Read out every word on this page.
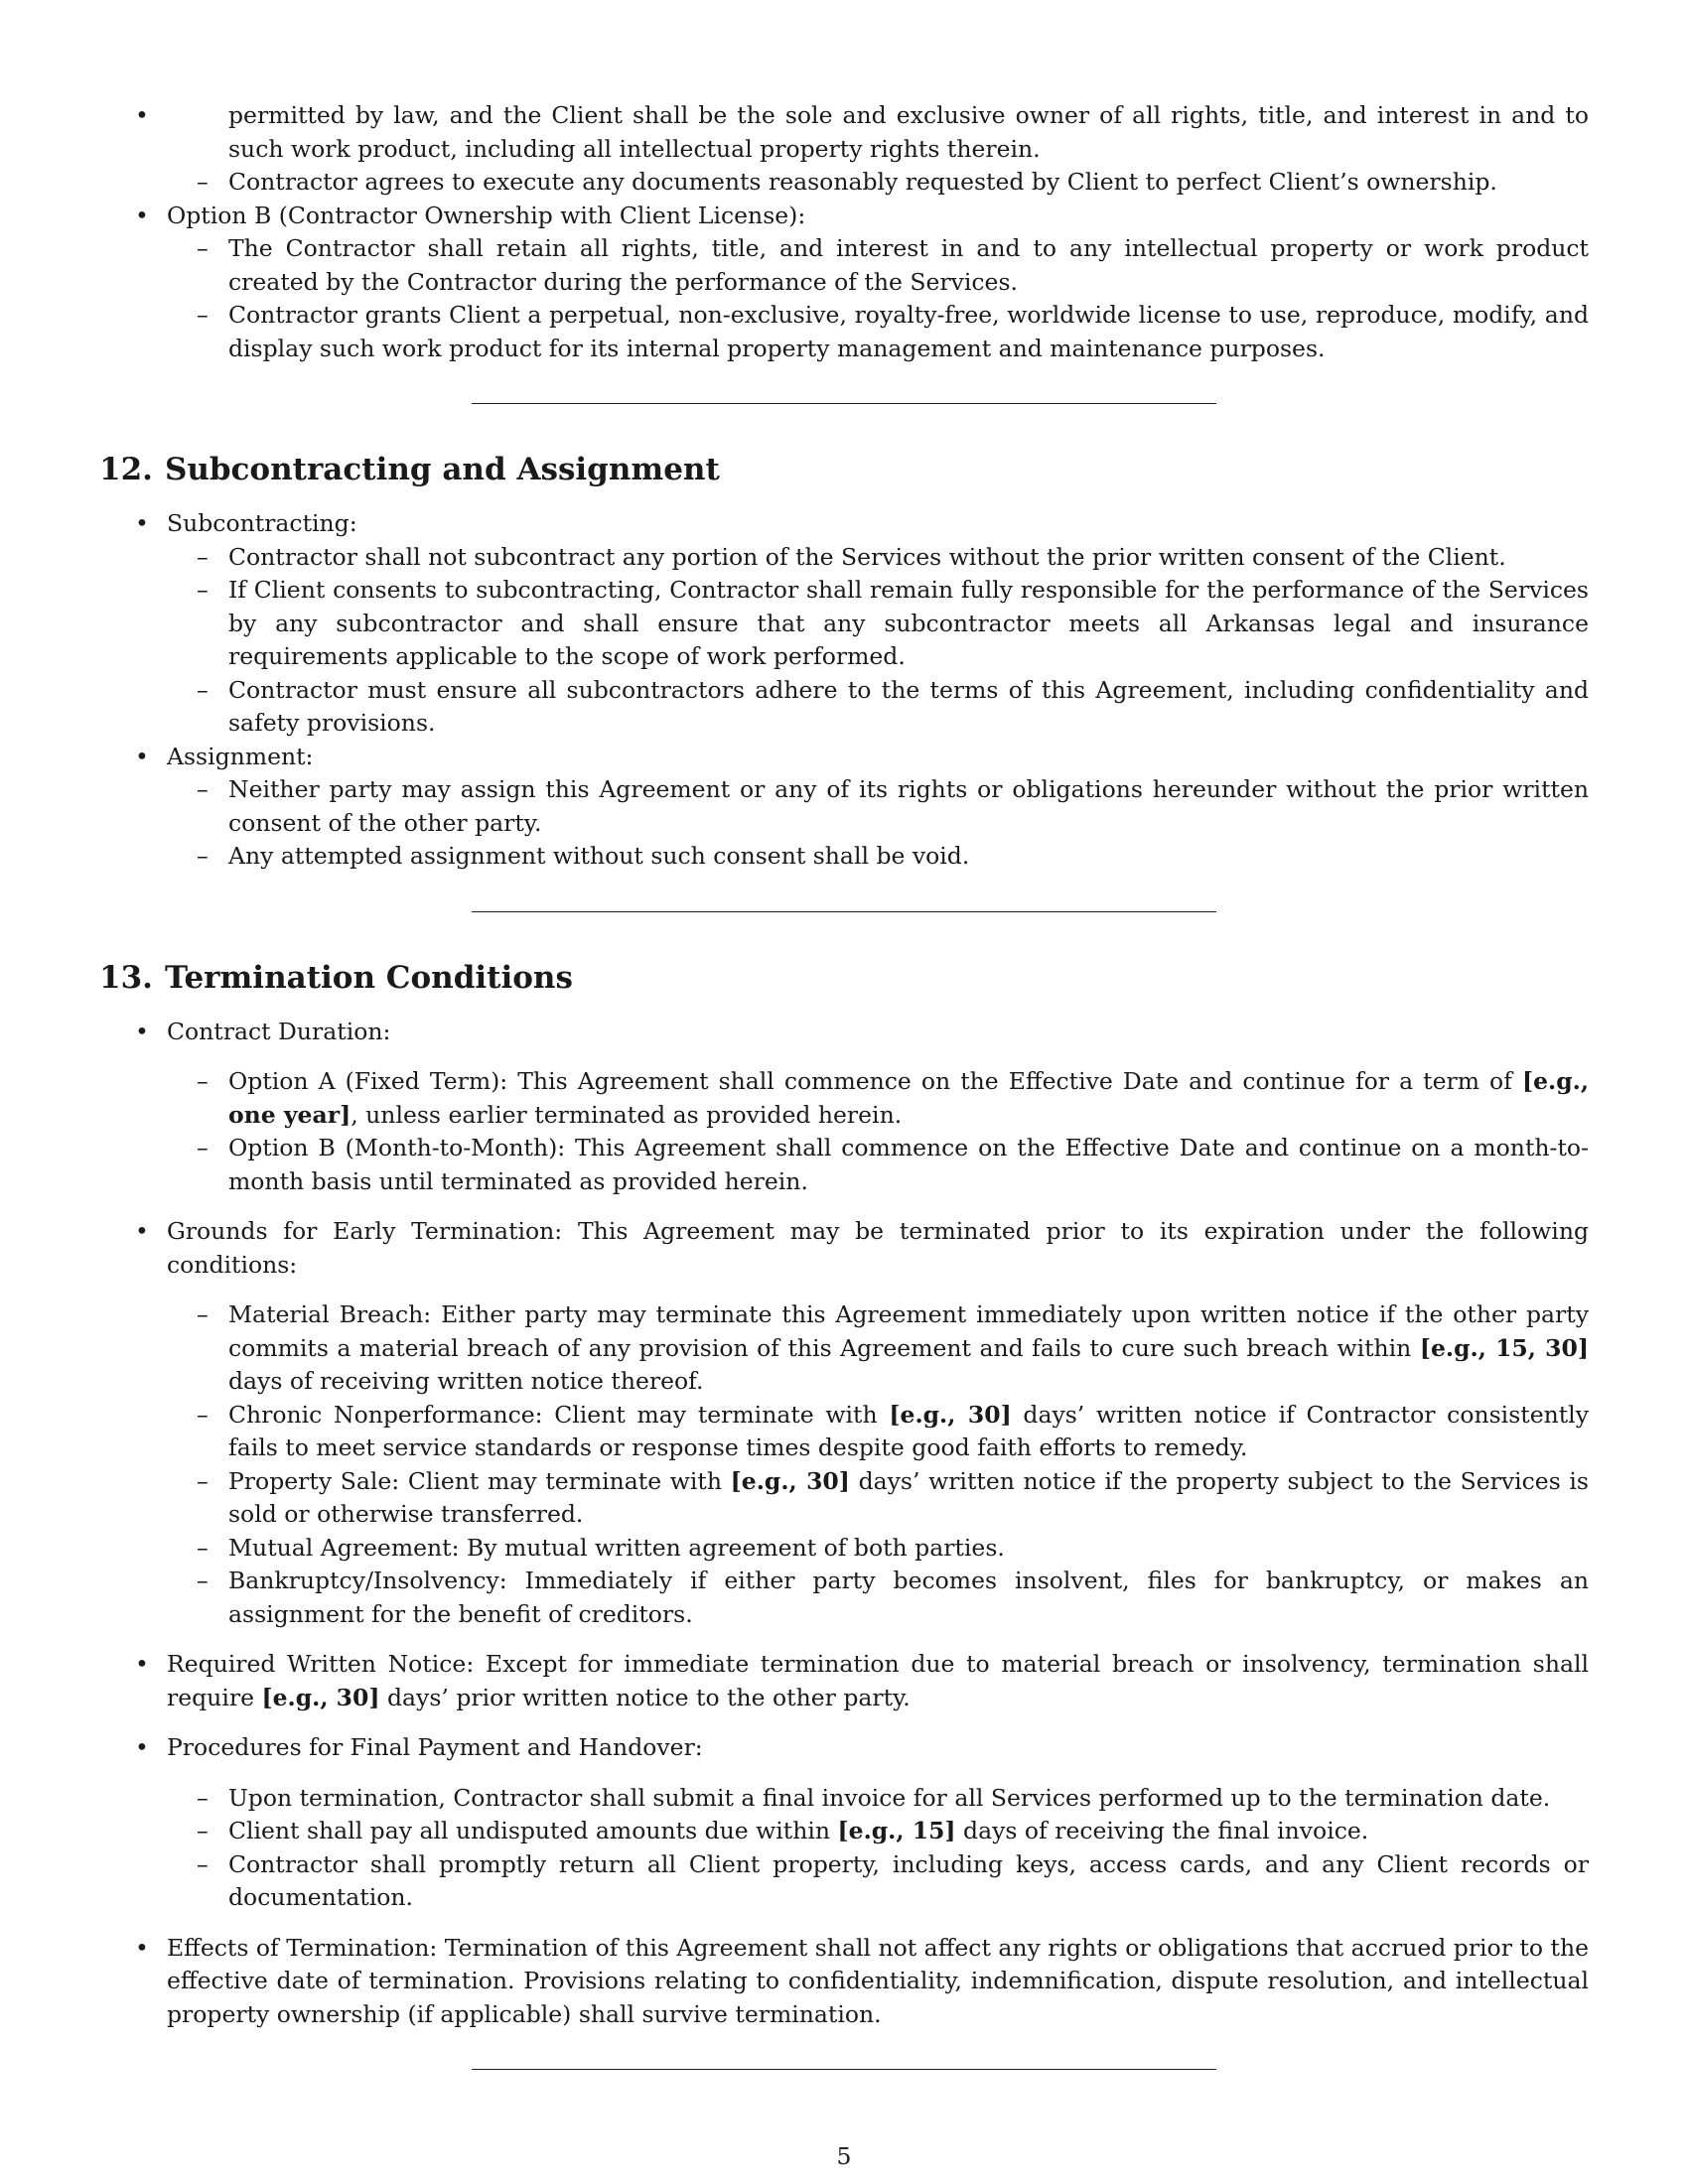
• permitted by law, and the Client shall be the sole and exclusive owner of all rights, title, and interest in and to such work product, including all intellectual property rights therein.
– Contractor agrees to execute any documents reasonably requested by Client to perfect Client’s ownership.
• Option B (Contractor Ownership with Client License):
– The Contractor shall retain all rights, title, and interest in and to any intellectual property or work product created by the Contractor during the performance of the Services.
– Contractor grants Client a perpetual, non-exclusive, royalty-free, worldwide license to use, reproduce, modify, and display such work product for its internal property management and maintenance purposes.
12. Subcontracting and Assignment
• Subcontracting:
– Contractor shall not subcontract any portion of the Services without the prior written consent of the Client.
– If Client consents to subcontracting, Contractor shall remain fully responsible for the performance of the Services by any subcontractor and shall ensure that any subcontractor meets all Arkansas legal and insurance requirements applicable to the scope of work performed.
– Contractor must ensure all subcontractors adhere to the terms of this Agreement, including confidentiality and safety provisions.
• Assignment:
– Neither party may assign this Agreement or any of its rights or obligations hereunder without the prior written consent of the other party.
– Any attempted assignment without such consent shall be void.
13. Termination Conditions
• Contract Duration:
– Option A (Fixed Term): This Agreement shall commence on the Effective Date and continue for a term of [e.g., one year], unless earlier terminated as provided herein.
– Option B (Month-to-Month): This Agreement shall commence on the Effective Date and continue on a month-to-month basis until terminated as provided herein.
• Grounds for Early Termination: This Agreement may be terminated prior to its expiration under the following conditions:
– Material Breach: Either party may terminate this Agreement immediately upon written notice if the other party commits a material breach of any provision of this Agreement and fails to cure such breach within [e.g., 15, 30] days of receiving written notice thereof.
– Chronic Nonperformance: Client may terminate with [e.g., 30] days’ written notice if Contractor consistently fails to meet service standards or response times despite good faith efforts to remedy.
– Property Sale: Client may terminate with [e.g., 30] days’ written notice if the property subject to the Services is sold or otherwise transferred.
– Mutual Agreement: By mutual written agreement of both parties.
– Bankruptcy/Insolvency: Immediately if either party becomes insolvent, files for bankruptcy, or makes an assignment for the benefit of creditors.
• Required Written Notice: Except for immediate termination due to material breach or insolvency, termination shall require [e.g., 30] days’ prior written notice to the other party.
• Procedures for Final Payment and Handover:
– Upon termination, Contractor shall submit a final invoice for all Services performed up to the termination date.
– Client shall pay all undisputed amounts due within [e.g., 15] days of receiving the final invoice.
– Contractor shall promptly return all Client property, including keys, access cards, and any Client records or documentation.
• Effects of Termination: Termination of this Agreement shall not affect any rights or obligations that accrued prior to the effective date of termination. Provisions relating to confidentiality, indemnification, dispute resolution, and intellectual property ownership (if applicable) shall survive termination.
5
